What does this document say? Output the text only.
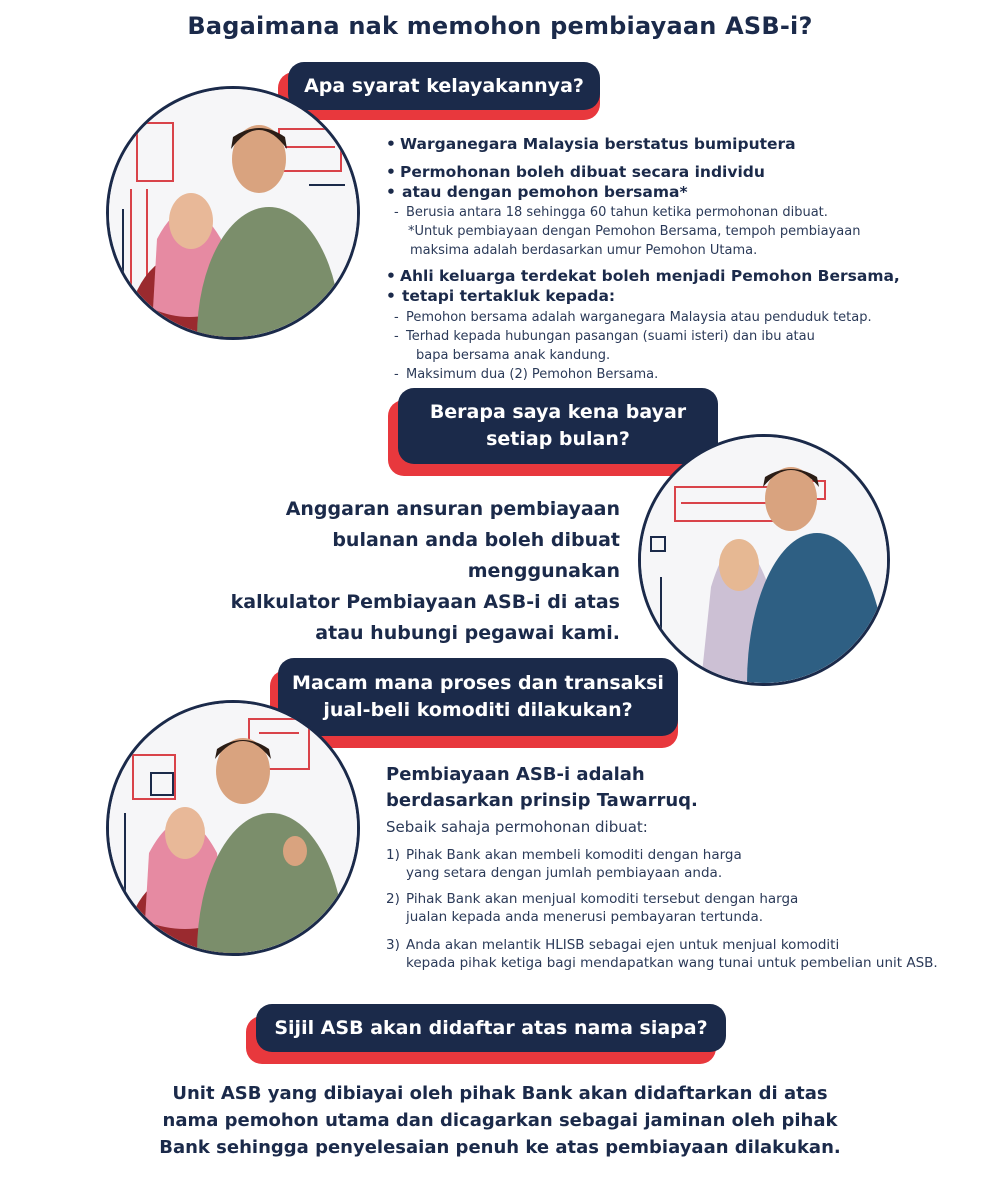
Bagaimana nak memohon pembiayaan ASB-i?
Apa syarat kelayakannya?
• Warganegara Malaysia berstatus bumiputera
• Permohonan boleh dibuat secara individu
• atau dengan pemohon bersama*
- Berusia antara 18 sehingga 60 tahun ketika permohonan dibuat.
*Untuk pembiayaan dengan Pemohon Bersama, tempoh pembiayaan
maksima adalah berdasarkan umur Pemohon Utama.
• Ahli keluarga terdekat boleh menjadi Pemohon Bersama,
• tetapi tertakluk kepada:
- Pemohon bersama adalah warganegara Malaysia atau penduduk tetap.
- Terhad kepada hubungan pasangan (suami isteri) dan ibu atau
bapa bersama anak kandung.
- Maksimum dua (2) Pemohon Bersama.
Berapa saya kena bayar
setiap bulan?
Anggaran ansuran pembiayaan
bulanan anda boleh dibuat menggunakan
kalkulator Pembiayaan ASB-i di atas
atau hubungi pegawai kami.
Macam mana proses dan transaksi
jual-beli komoditi dilakukan?
Pembiayaan ASB-i adalah
berdasarkan prinsip Tawarruq.
Sebaik sahaja permohonan dibuat:
1) Pihak Bank akan membeli komoditi dengan harga
yang setara dengan jumlah pembiayaan anda.
2) Pihak Bank akan menjual komoditi tersebut dengan harga
jualan kepada anda menerusi pembayaran tertunda.
3) Anda akan melantik HLISB sebagai ejen untuk menjual komoditi
kepada pihak ketiga bagi mendapatkan wang tunai untuk pembelian unit ASB.
Sijil ASB akan didaftar atas nama siapa?
Unit ASB yang dibiayai oleh pihak Bank akan didaftarkan di atas
nama pemohon utama dan dicagarkan sebagai jaminan oleh pihak
Bank sehingga penyelesaian penuh ke atas pembiayaan dilakukan.
